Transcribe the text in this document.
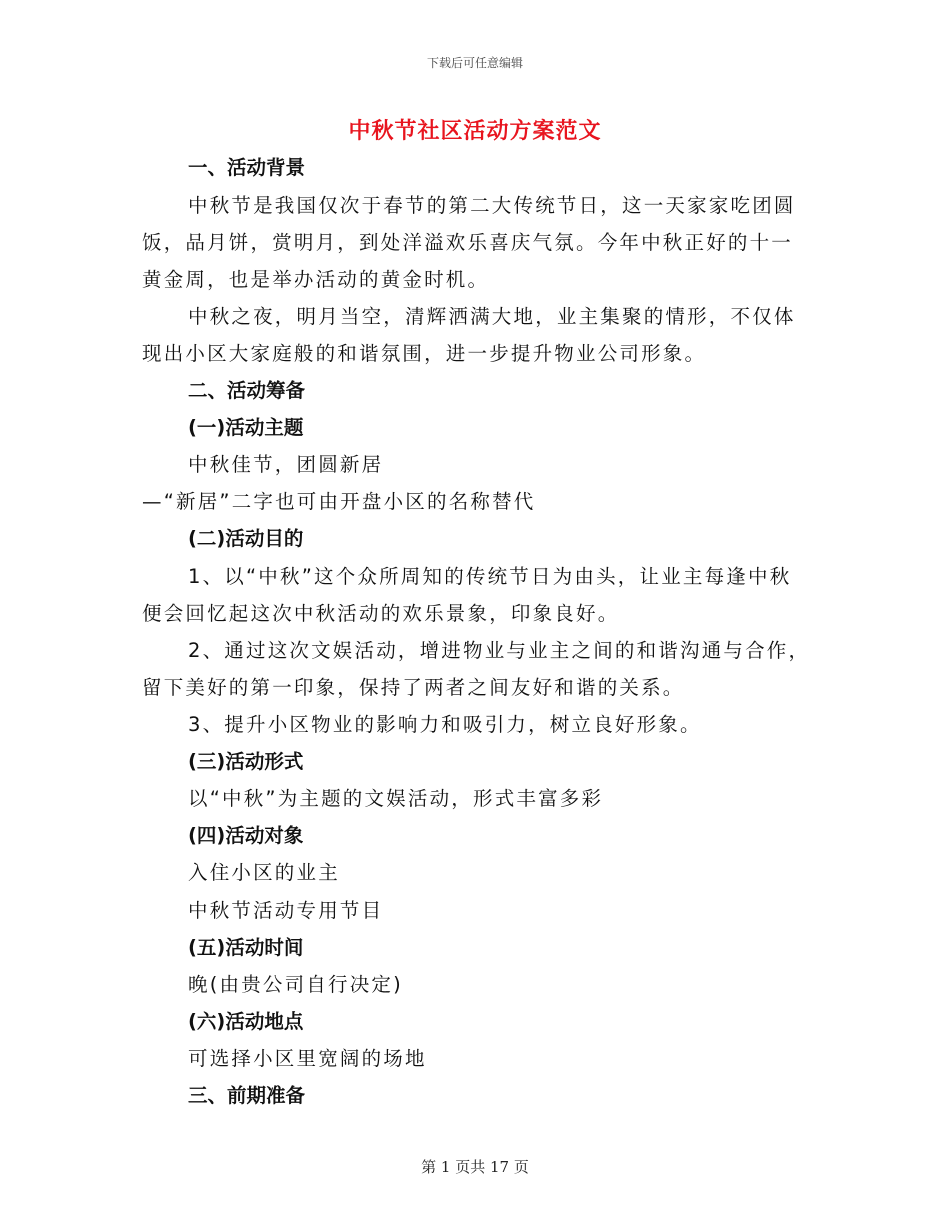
下载后可任意编辑
中秋节社区活动方案范文
一、活动背景
中秋节是我国仅次于春节的第二大传统节日，这一天家家吃团圆
饭，品月饼，赏明月，到处洋溢欢乐喜庆气氛。今年中秋正好的十一
黄金周，也是举办活动的黄金时机。
中秋之夜，明月当空，清辉洒满大地，业主集聚的情形，不仅体
现出小区大家庭般的和谐氛围，进一步提升物业公司形象。
二、活动筹备
(一)活动主题
中秋佳节，团圆新居
—“新居”二字也可由开盘小区的名称替代
(二)活动目的
1、以“中秋”这个众所周知的传统节日为由头，让业主每逢中秋
便会回忆起这次中秋活动的欢乐景象，印象良好。
2、通过这次文娱活动，增进物业与业主之间的和谐沟通与合作，
留下美好的第一印象，保持了两者之间友好和谐的关系。
3、提升小区物业的影响力和吸引力，树立良好形象。
(三)活动形式
以“中秋”为主题的文娱活动，形式丰富多彩
(四)活动对象
入住小区的业主
中秋节活动专用节目
(五)活动时间
晚(由贵公司自行决定)
(六)活动地点
可选择小区里宽阔的场地
三、前期准备
第 1 页共 17 页
